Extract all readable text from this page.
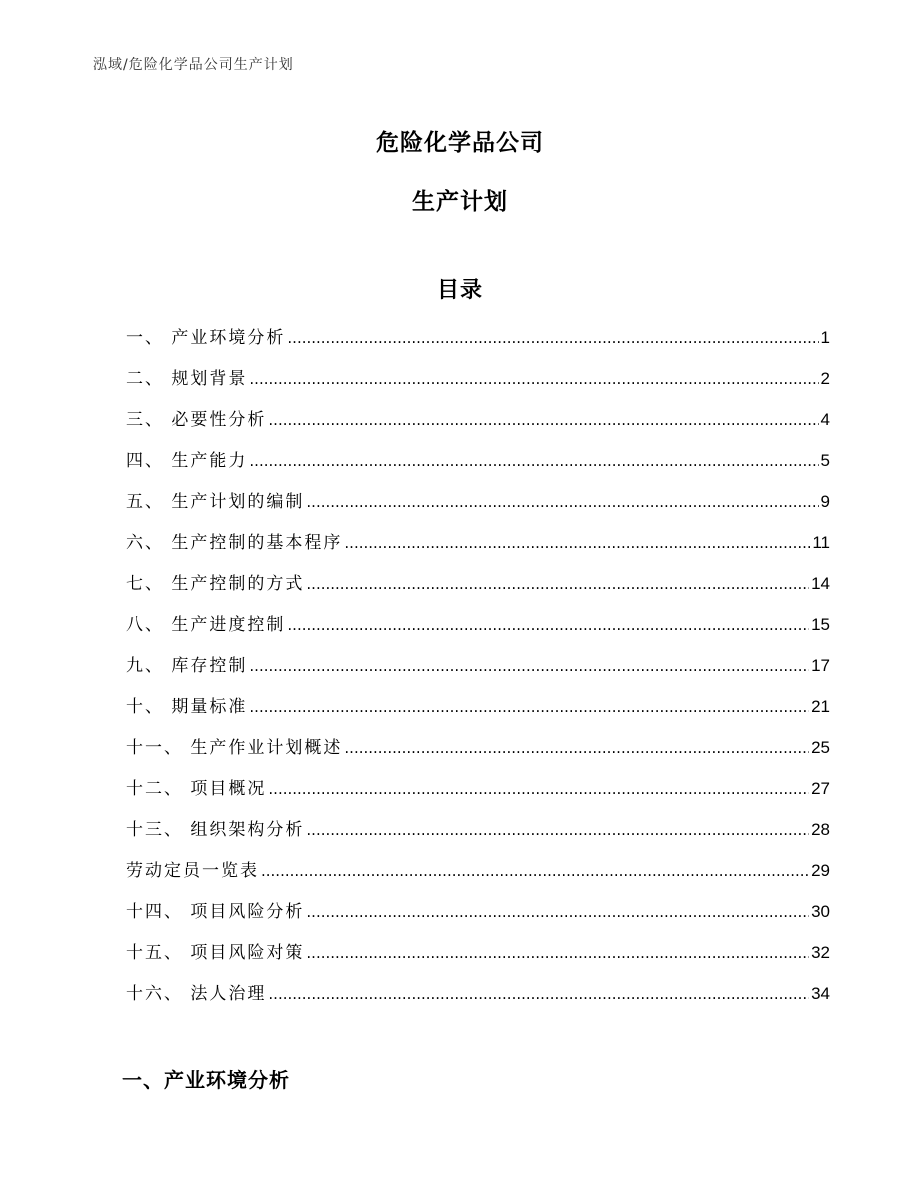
泓域/危险化学品公司生产计划
危险化学品公司
生产计划
目录
一、 产业环境分析 .....	1
二、 规划背景 .....	2
三、 必要性分析 .....	4
四、 生产能力 .....	5
五、 生产计划的编制 .....	9
六、 生产控制的基本程序 .....	11
七、 生产控制的方式 .....	14
八、 生产进度控制 .....	15
九、 库存控制 .....	17
十、 期量标准 .....	21
十一、 生产作业计划概述 .....	25
十二、 项目概况 .....	27
十三、 组织架构分析 .....	28
劳动定员一览表 .....	29
十四、 项目风险分析 .....	30
十五、 项目风险对策 .....	32
十六、 法人治理 .....	34
一、产业环境分析
